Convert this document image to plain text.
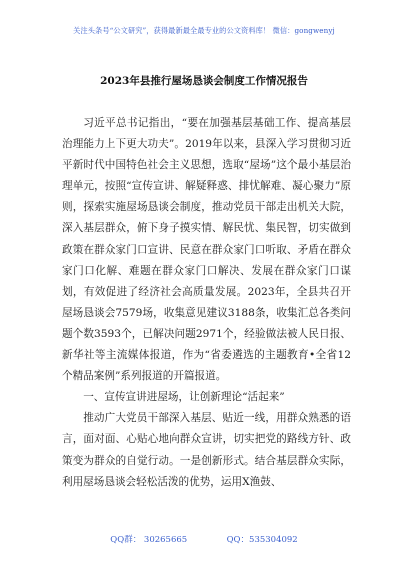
关注头条号“公文研究”，获得最新最全最专业的公文资料库！ 微信：gongwenyj
2023年县推行屋场恳谈会制度工作情况报告

习近平总书记指出，“要在加强基层基础工作、提高基层治理能力上下更大功夫”。2019年以来，县深入学习贯彻习近平新时代中国特色社会主义思想，选取“屋场”这个最小基层治理单元，按照“宣传宣讲、解疑释惑、排忧解难、凝心聚力”原则，探索实施屋场恳谈会制度，推动党员干部走出机关大院，深入基层群众，俯下身子摸实情、解民忧、集民智，切实做到政策在群众家门口宣讲、民意在群众家门口听取、矛盾在群众家门口化解、难题在群众家门口解决、发展在群众家门口谋划，有效促进了经济社会高质量发展。2023年，全县共召开屋场恳谈会7579场，收集意见建议3188条，收集汇总各类问题个数3593个，已解决问题2971个，经验做法被人民日报、新华社等主流媒体报道，作为“省委遴选的主题教育•全省12个精品案例”系列报道的开篇报道。

一、宣传宣讲进屋场，让创新理论“活起来”

推动广大党员干部深入基层、贴近一线，用群众熟悉的语言，面对面、心贴心地向群众宣讲，切实把党的路线方针、政策变为群众的自觉行动。一是创新形式。结合基层群众实际，利用屋场恳谈会轻松活泼的优势，运用X渔鼓、

QQ群： 30265665	QQ：535304092
